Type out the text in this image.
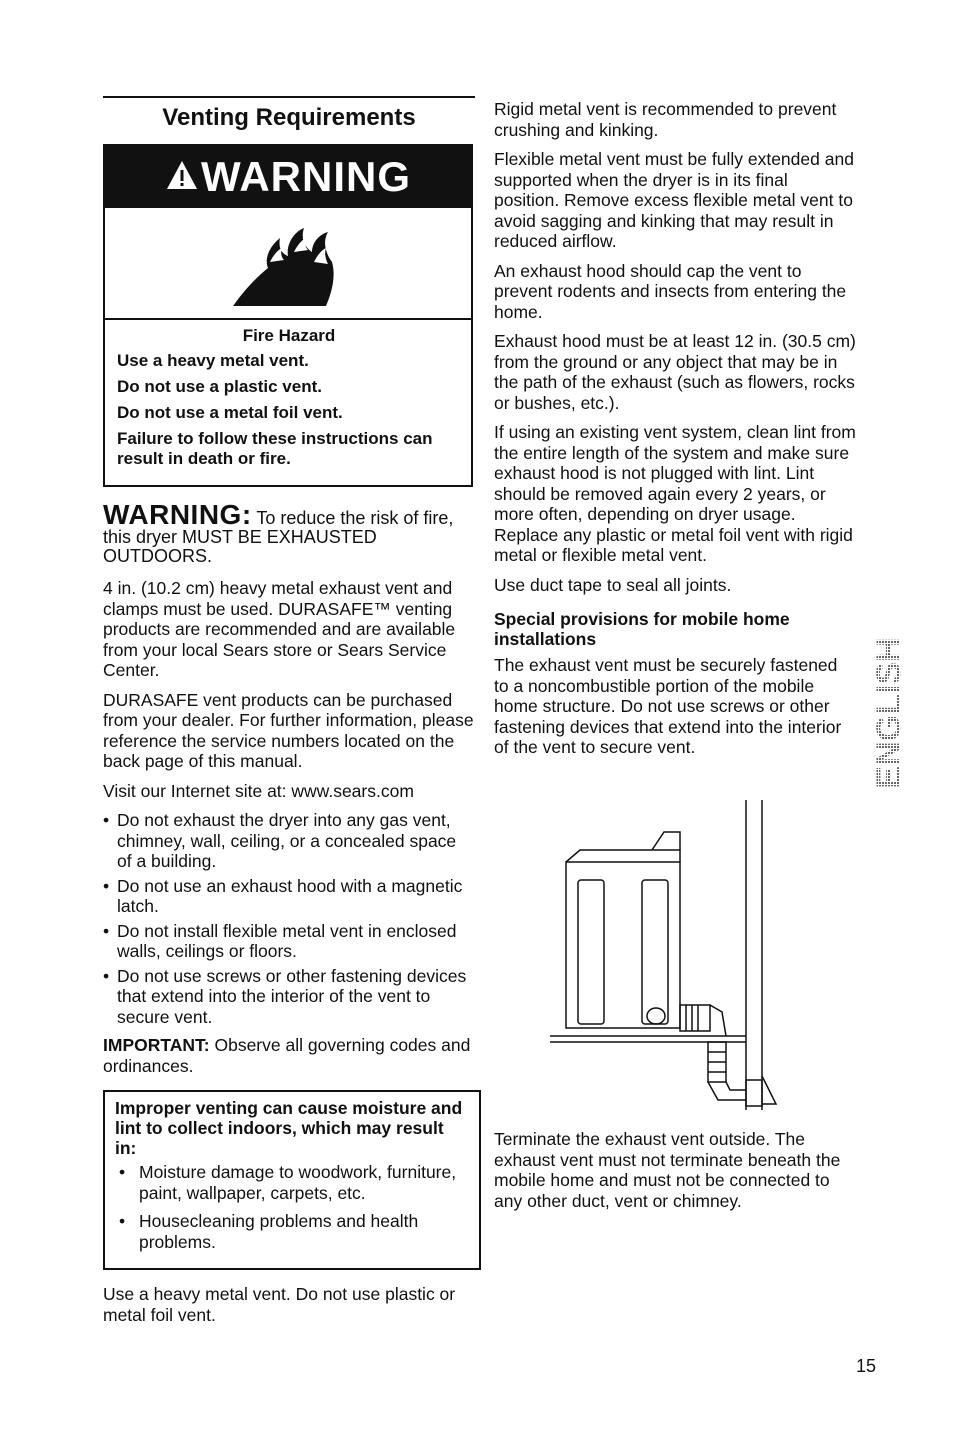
Venting Requirements
WARNING

Fire Hazard

Use a heavy metal vent.

Do not use a plastic vent.

Do not use a metal foil vent.

Failure to follow these instructions can result in death or fire.

WARNING: To reduce the risk of fire, this dryer MUST BE EXHAUSTED OUTDOORS.

4 in. (10.2 cm) heavy metal exhaust vent and clamps must be used. DURASAFE™ venting products are recommended and are available from your local Sears store or Sears Service Center.

DURASAFE vent products can be purchased from your dealer. For further information, please reference the service numbers located on the back page of this manual.

Visit our Internet site at: www.sears.com

• Do not exhaust the dryer into any gas vent, chimney, wall, ceiling, or a concealed space of a building.
• Do not use an exhaust hood with a magnetic latch.
• Do not install flexible metal vent in enclosed walls, ceilings or floors.
• Do not use screws or other fastening devices that extend into the interior of the vent to secure vent.

IMPORTANT: Observe all governing codes and ordinances.

Improper venting can cause moisture and lint to collect indoors, which may result in:

• Moisture damage to woodwork, furniture, paint, wallpaper, carpets, etc.
• Housecleaning problems and health problems.

Use a heavy metal vent. Do not use plastic or metal foil vent.

Rigid metal vent is recommended to prevent crushing and kinking.

Flexible metal vent must be fully extended and supported when the dryer is in its final position. Remove excess flexible metal vent to avoid sagging and kinking that may result in reduced airflow.

An exhaust hood should cap the vent to prevent rodents and insects from entering the home.

Exhaust hood must be at least 12 in. (30.5 cm) from the ground or any object that may be in the path of the exhaust (such as flowers, rocks or bushes, etc.).

If using an existing vent system, clean lint from the entire length of the system and make sure exhaust hood is not plugged with lint. Lint should be removed again every 2 years, or more often, depending on dryer usage. Replace any plastic or metal foil vent with rigid metal or flexible metal vent.

Use duct tape to seal all joints.

Special provisions for mobile home installations

The exhaust vent must be securely fastened to a noncombustible portion of the mobile home structure. Do not use screws or other fastening devices that extend into the interior of the vent to secure vent.

Terminate the exhaust vent outside. The exhaust vent must not terminate beneath the mobile home and must not be connected to any other duct, vent or chimney.

ENGLISH
15
